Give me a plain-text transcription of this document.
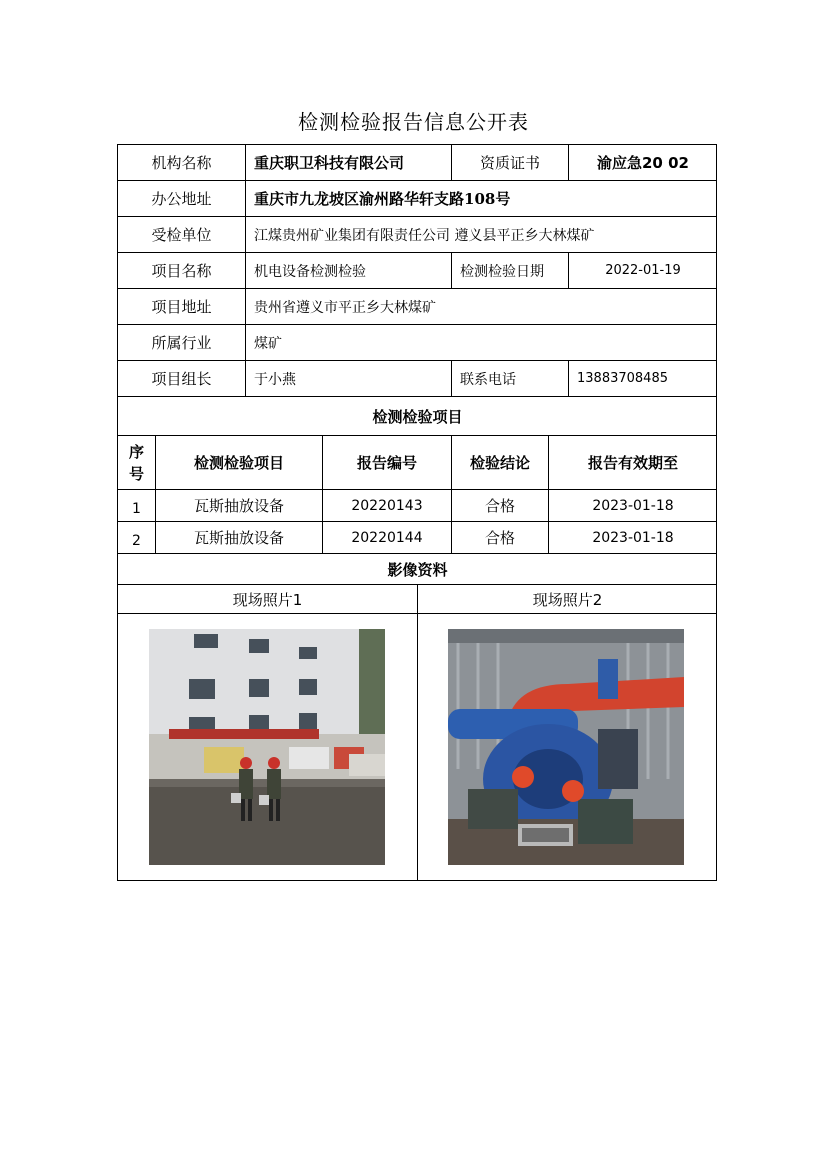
检测检验报告信息公开表
机构名称	重庆职卫科技有限公司	资质证书	渝应急20 02
办公地址	重庆市九龙坡区渝州路华轩支路108号
受检单位	江煤贵州矿业集团有限责任公司 遵义县平正乡大林煤矿
项目名称	机电设备检测检验	检测检验日期	2022-01-19
项目地址	贵州省遵义市平正乡大林煤矿
所属行业	煤矿
项目组长	于小燕	联系电话	13883708485
检测检验项目
序
号
检测检验项目	报告编号	检验结论	报告有效期至
1	瓦斯抽放设备	20220143	合格	2023-01-18
2	瓦斯抽放设备	20220144	合格	2023-01-18
影像资料
现场照片1	现场照片2
